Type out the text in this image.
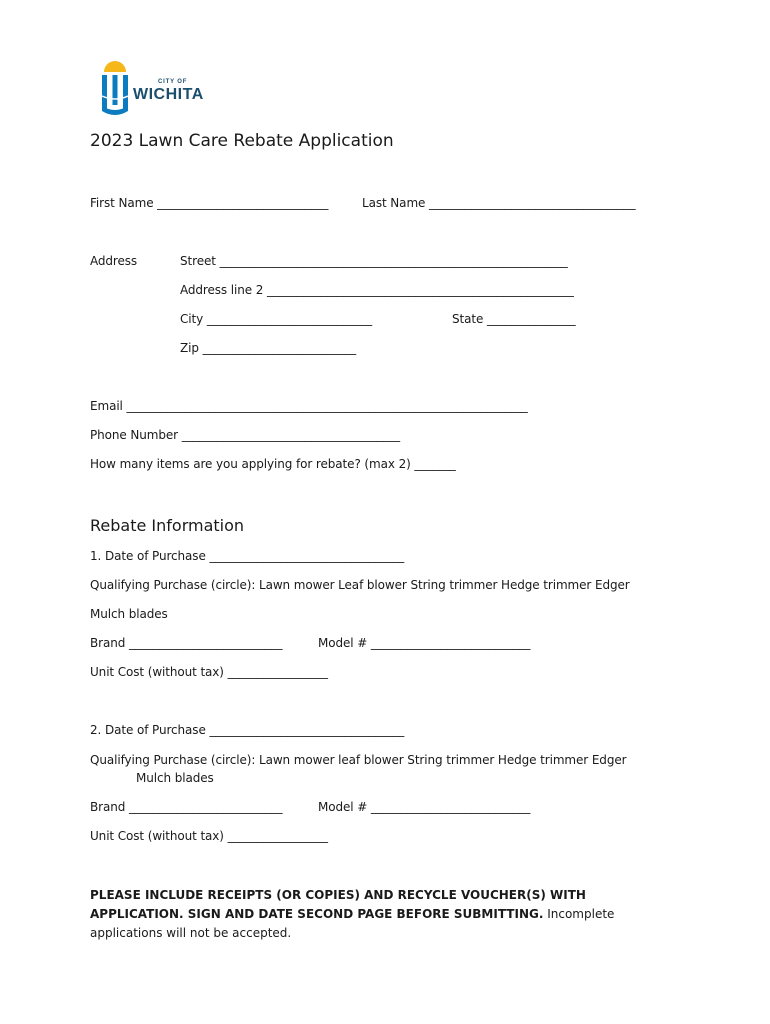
CITY OF
WICHITA
2023 Lawn Care Rebate Application
First Name _____________________________	Last Name ___________________________________
Address	Street ___________________________________________________________
Address line 2 ____________________________________________________
City ____________________________	State _______________
Zip __________________________
Email ____________________________________________________________________
Phone Number _____________________________________
How many items are you applying for rebate? (max 2) _______
Rebate Information
1. Date of Purchase _________________________________
Qualifying Purchase (circle): Lawn mower Leaf blower String trimmer Hedge trimmer Edger
Mulch blades
Brand __________________________	Model # ___________________________
Unit Cost (without tax) _________________
2. Date of Purchase _________________________________
Qualifying Purchase (circle): Lawn mower leaf blower String trimmer Hedge trimmer Edger
Mulch blades
Brand __________________________	Model # ___________________________
Unit Cost (without tax) _________________
PLEASE INCLUDE RECEIPTS (OR COPIES) AND RECYCLE VOUCHER(S) WITH APPLICATION. SIGN AND DATE SECOND PAGE BEFORE SUBMITTING. Incomplete applications will not be accepted.
